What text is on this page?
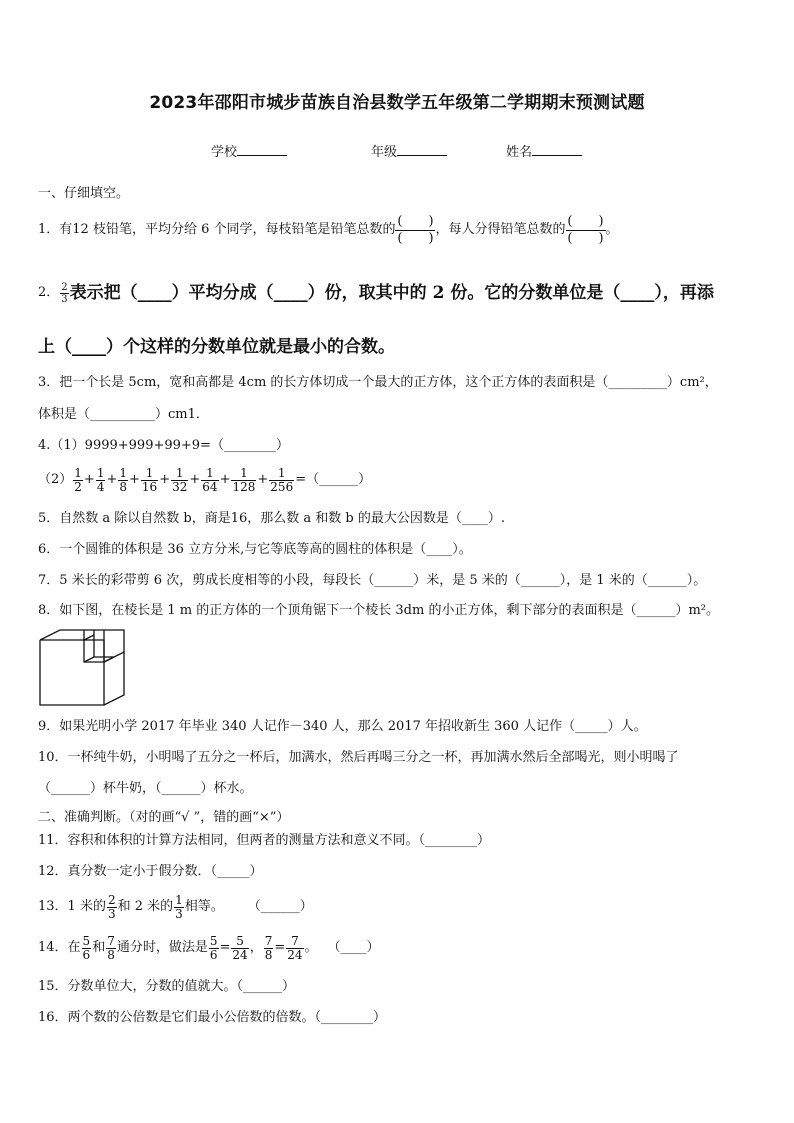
2023年邵阳市城步苗族自治县数学五年级第二学期期末预测试题
学校	年级	姓名
一、仔细填空。
1．有12 枝铅笔，平均分给 6 个同学，每枝铅笔是铅笔总数的
(　　)
(　　)
，每人分得铅笔总数的
(　　)
(　　)
。
2． $\frac{2}{3}$ 表示把（____）平均分成（____）份，取其中的 2 份。它的分数单位是（____），再添
上（____）个这样的分数单位就是最小的合数。
3．把一个长是 5cm，宽和高都是 4cm 的长方体切成一个最大的正方体，这个正方体的表面积是（_________）cm²，
体积是（__________）cm1．
4.（1）9999+999+99+9=（________）
$(2) \frac{1}{2} + \frac{1}{4} + \frac{1}{8} + \frac{1}{16} + \frac{1}{32} + \frac{1}{64} + \frac{1}{128} + \frac{1}{256}$ =（______）
5．自然数 a 除以自然数 b，商是16，那么数 a 和数 b 的最大公因数是（____）.
6．一个圆锥的体积是 36 立方分米,与它等底等高的圆柱的体积是（____）。
7．5 米长的彩带剪 6 次，剪成长度相等的小段，每段长（______）米，是 5 米的（______），是 1 米的（______）。
8．如下图，在棱长是 1 m 的正方体的一个顶角锯下一个棱长 3dm 的小正方体，剩下部分的表面积是（______）m²。
9．如果光明小学 2017 年毕业 340 人记作－340 人，那么 2017 年招收新生 360 人记作（_____）人。
10．一杯纯牛奶，小明喝了五分之一杯后，加满水，然后再喝三分之一杯，再加满水然后全部喝光，则小明喝了
（______）杯牛奶，（______）杯水。
二、准确判断。（对的画“√ ”，错的画“×”）
11．容积和体积的计算方法相同，但两者的测量方法和意义不同。（________）
12．真分数一定小于假分数．（_____）
13．1 米的 $\frac{2}{3}$ 和 2 米的 $\frac{1}{3}$ 相等。 （______）
14．在 $\frac{5}{6}$ 和 $\frac{7}{8}$ 通分时，做法是 $\frac{5}{6} = \frac{5}{24}$ ， $\frac{7}{8} = \frac{7}{24}$ 。 （____）
15．分数单位大，分数的值就大。（______）
16．两个数的公倍数是它们最小公倍数的倍数。（________）
